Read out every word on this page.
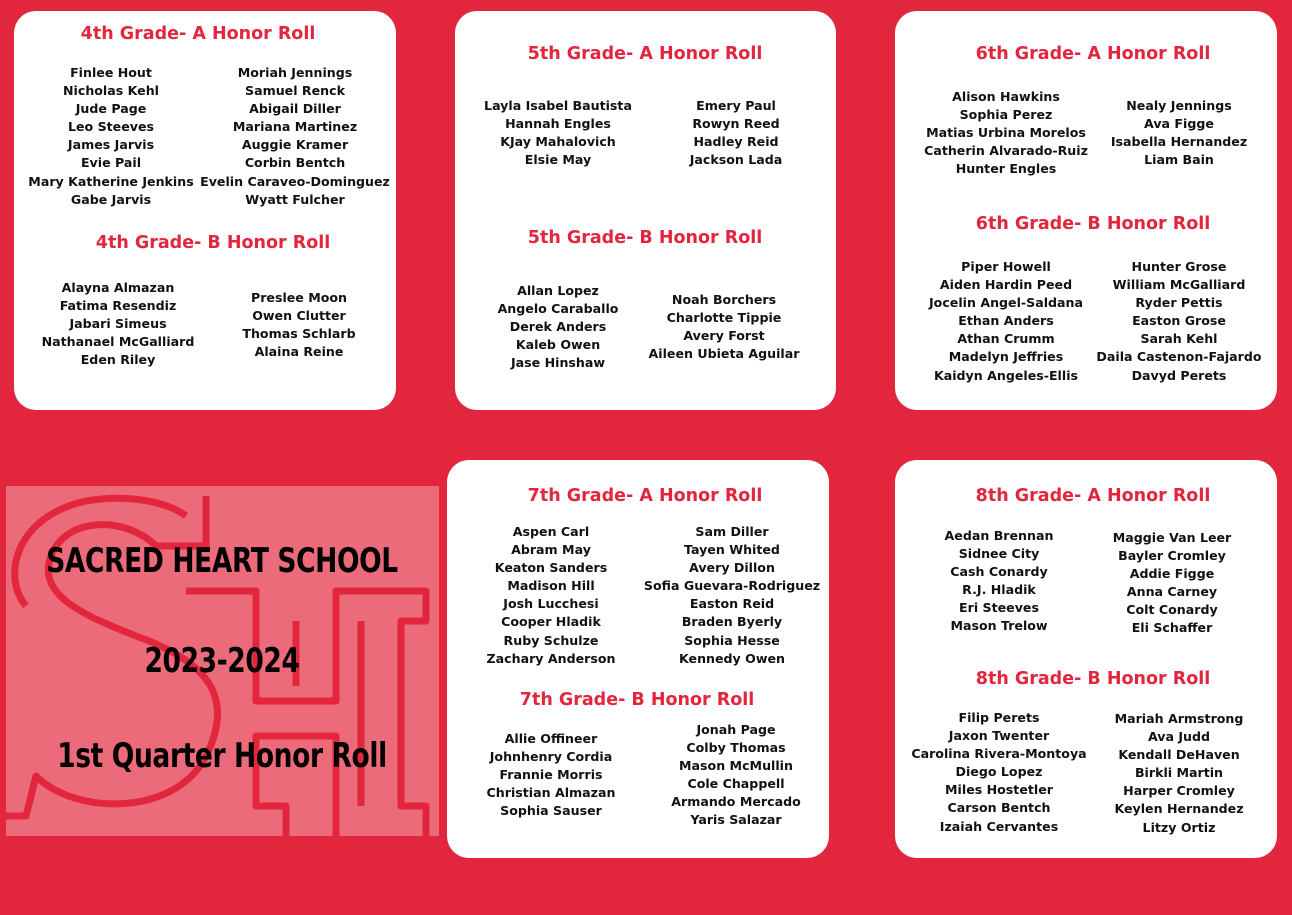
4th Grade- A Honor Roll
Finlee Hout
Nicholas Kehl
Jude Page
Leo Steeves
James Jarvis
Evie Pail
Mary Katherine Jenkins
Gabe Jarvis
Moriah Jennings
Samuel Renck
Abigail Diller
Mariana Martinez
Auggie Kramer
Corbin Bentch
Evelin Caraveo-Dominguez
Wyatt Fulcher
4th Grade- B Honor Roll
Alayna Almazan
Fatima Resendiz
Jabari Simeus
Nathanael McGalliard
Eden Riley
Preslee Moon
Owen Clutter
Thomas Schlarb
Alaina Reine
5th Grade- A Honor Roll
Layla Isabel Bautista
Hannah Engles
KJay Mahalovich
Elsie May
Emery Paul
Rowyn Reed
Hadley Reid
Jackson Lada
5th Grade- B Honor Roll
Allan Lopez
Angelo Caraballo
Derek Anders
Kaleb Owen
Jase Hinshaw
Noah Borchers
Charlotte Tippie
Avery Forst
Aileen Ubieta Aguilar
6th Grade- A Honor Roll
Alison Hawkins
Sophia Perez
Matias Urbina Morelos
Catherin Alvarado-Ruiz
Hunter Engles
Nealy Jennings
Ava Figge
Isabella Hernandez
Liam Bain
6th Grade- B Honor Roll
Piper Howell
Aiden Hardin Peed
Jocelin Angel-Saldana
Ethan Anders
Athan Crumm
Madelyn Jeffries
Kaidyn Angeles-Ellis
Hunter Grose
William McGalliard
Ryder Pettis
Easton Grose
Sarah Kehl
Daila Castenon-Fajardo
Davyd Perets
SACRED HEART SCHOOL
2023-2024
1st Quarter Honor Roll
7th Grade- A Honor Roll
Aspen Carl
Abram May
Keaton Sanders
Madison Hill
Josh Lucchesi
Cooper Hladik
Ruby Schulze
Zachary Anderson
Sam Diller
Tayen Whited
Avery Dillon
Sofia Guevara-Rodriguez
Easton Reid
Braden Byerly
Sophia Hesse
Kennedy Owen
7th Grade- B Honor Roll
Allie Offineer
Johnhenry Cordia
Frannie Morris
Christian Almazan
Sophia Sauser
Jonah Page
Colby Thomas
Mason McMullin
Cole Chappell
Armando Mercado
Yaris Salazar
8th Grade- A Honor Roll
Aedan Brennan
Sidnee City
Cash Conardy
R.J. Hladik
Eri Steeves
Mason Trelow
Maggie Van Leer
Bayler Cromley
Addie Figge
Anna Carney
Colt Conardy
Eli Schaffer
8th Grade- B Honor Roll
Filip Perets
Jaxon Twenter
Carolina Rivera-Montoya
Diego Lopez
Miles Hostetler
Carson Bentch
Izaiah Cervantes
Mariah Armstrong
Ava Judd
Kendall DeHaven
Birkli Martin
Harper Cromley
Keylen Hernandez
Litzy Ortiz
